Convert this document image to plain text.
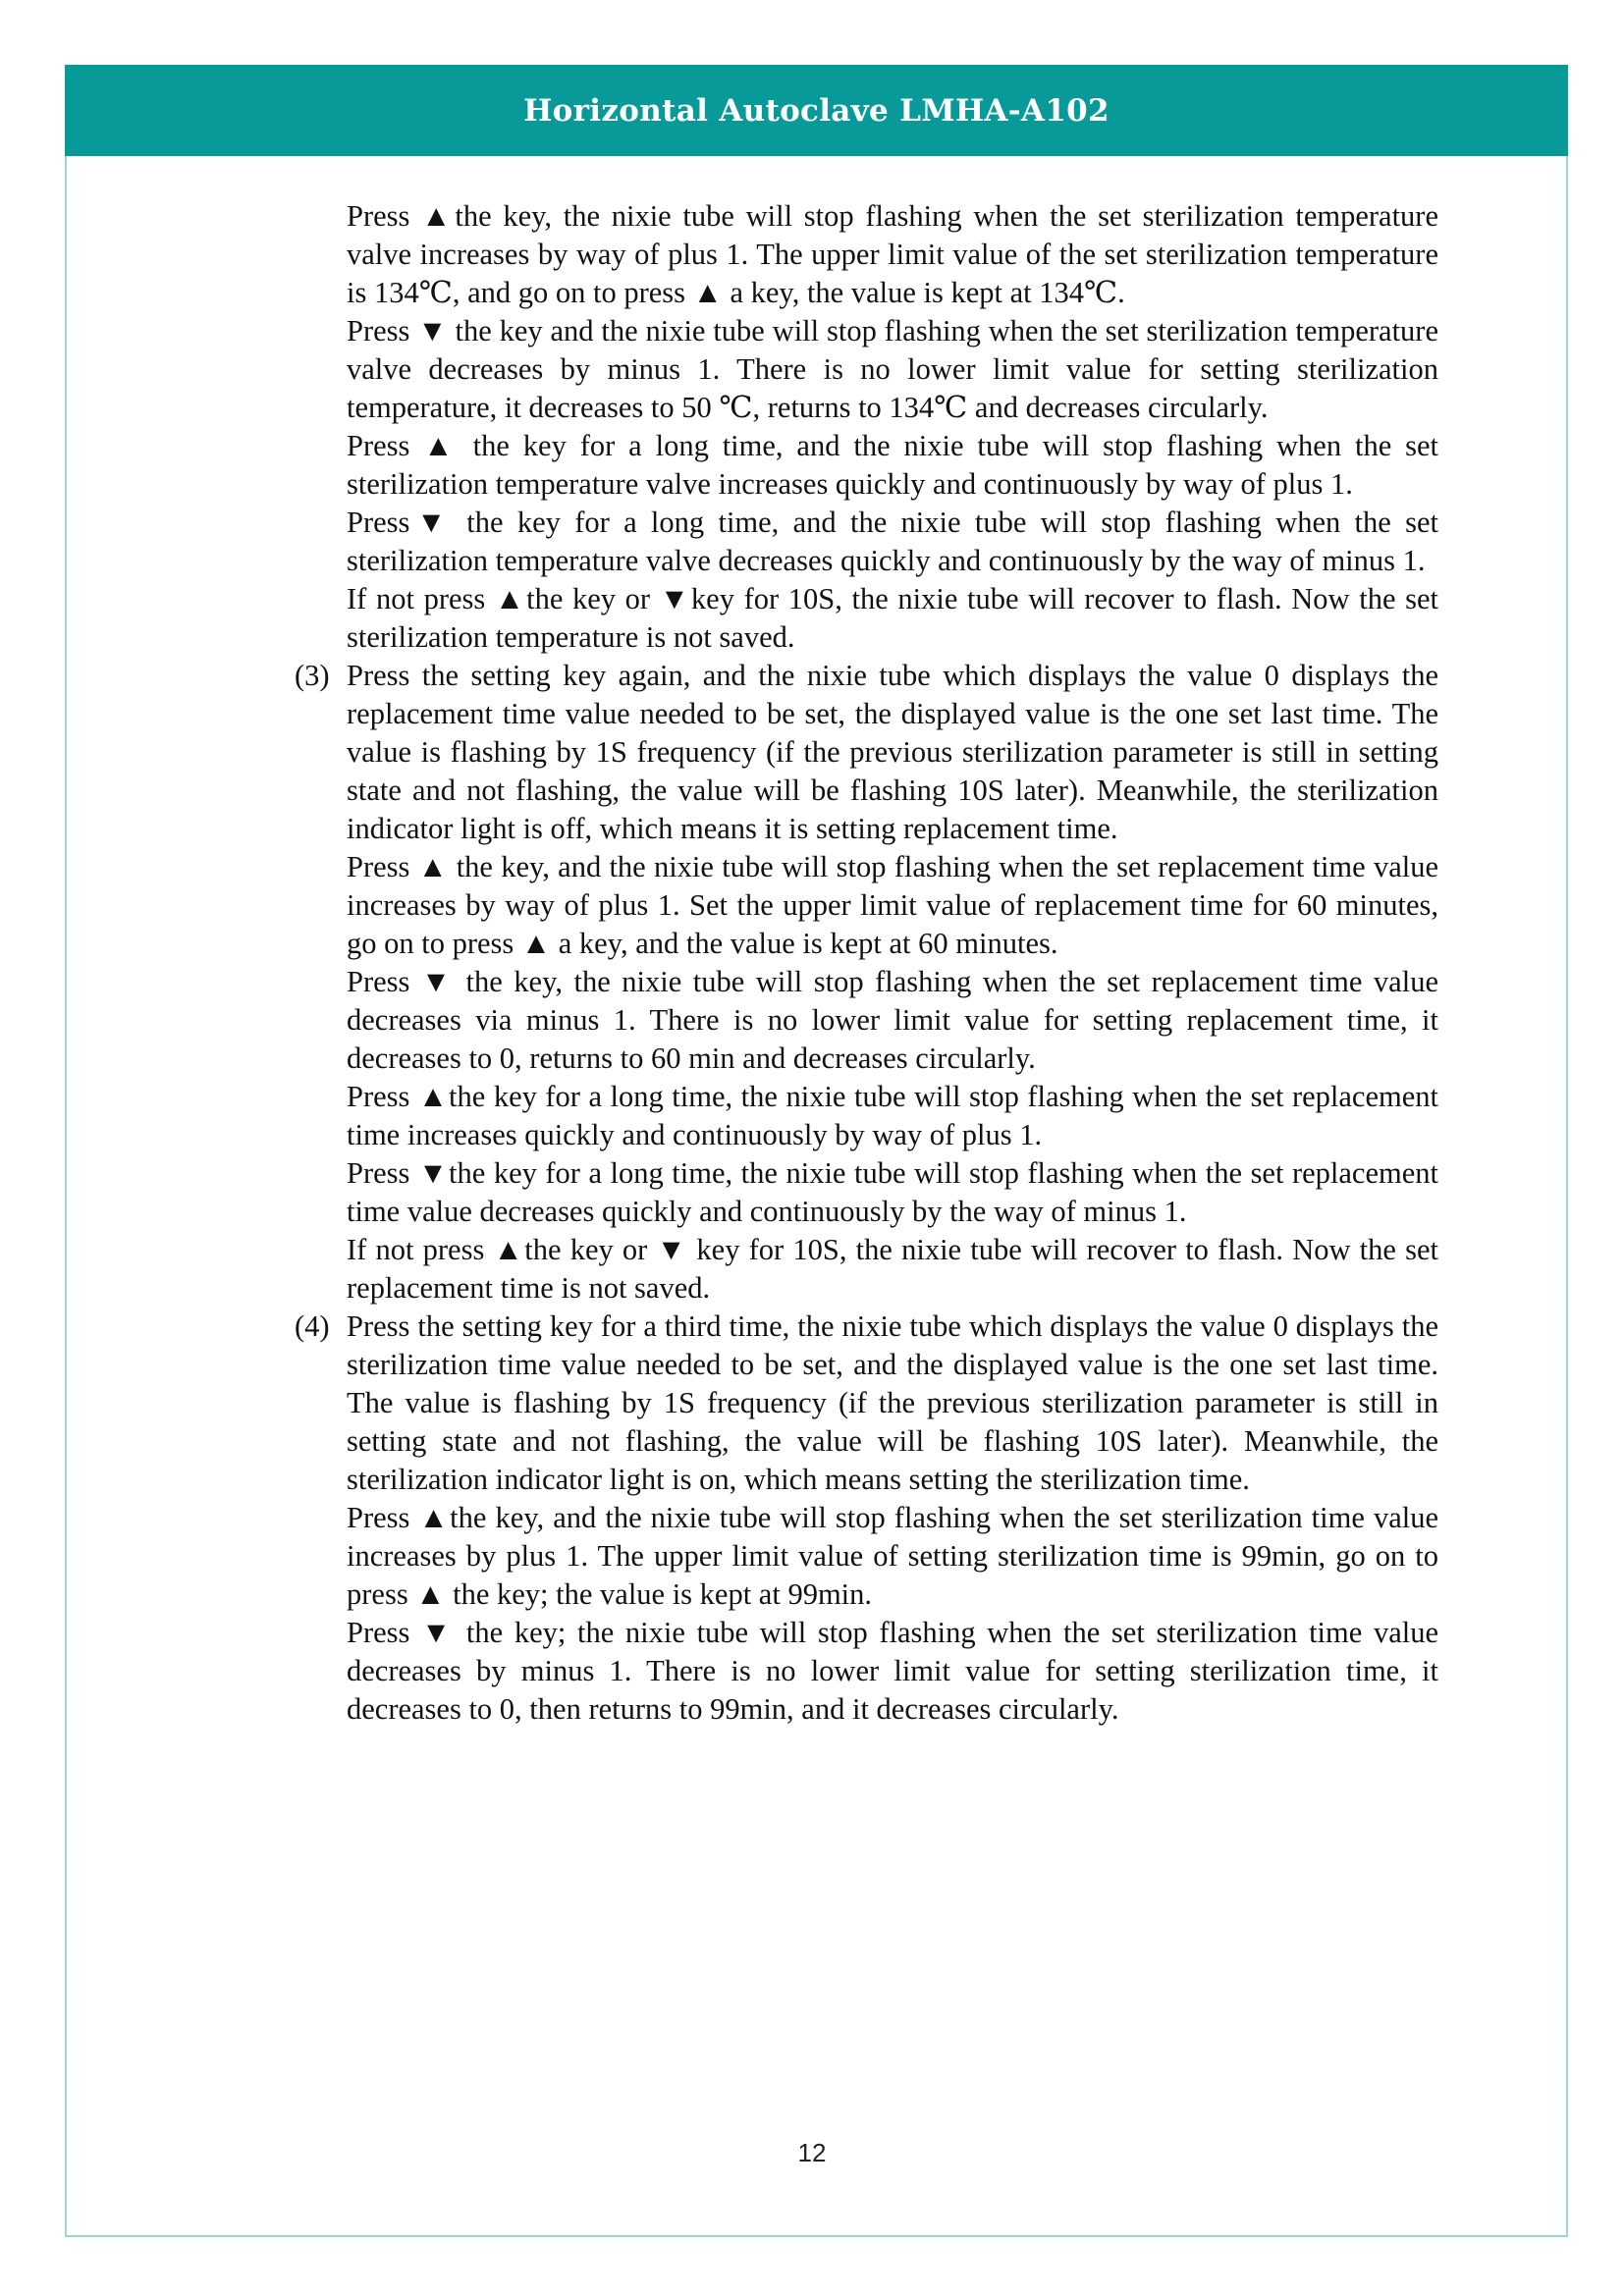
Horizontal Autoclave LMHA-A102

Press ▲the key, the nixie tube will stop flashing when the set sterilization temperature valve increases by way of plus 1. The upper limit value of the set sterilization temperature is 134℃, and go on to press ▲ a key, the value is kept at 134℃.

Press ▼ the key and the nixie tube will stop flashing when the set sterilization temperature valve decreases by minus 1. There is no lower limit value for setting sterilization temperature, it decreases to 50 ℃, returns to 134℃ and decreases circularly.

Press ▲ the key for a long time, and the nixie tube will stop flashing when the set sterilization temperature valve increases quickly and continuously by way of plus 1.

Press▼ the key for a long time, and the nixie tube will stop flashing when the set sterilization temperature valve decreases quickly and continuously by the way of minus 1.

If not press ▲the key or ▼key for 10S, the nixie tube will recover to flash. Now the set sterilization temperature is not saved.

(3) Press the setting key again, and the nixie tube which displays the value 0 displays the replacement time value needed to be set, the displayed value is the one set last time. The value is flashing by 1S frequency (if the previous sterilization parameter is still in setting state and not flashing, the value will be flashing 10S later). Meanwhile, the sterilization indicator light is off, which means it is setting replacement time.

Press ▲ the key, and the nixie tube will stop flashing when the set replacement time value increases by way of plus 1. Set the upper limit value of replacement time for 60 minutes, go on to press ▲ a key, and the value is kept at 60 minutes.

Press ▼ the key, the nixie tube will stop flashing when the set replacement time value decreases via minus 1. There is no lower limit value for setting replacement time, it decreases to 0, returns to 60 min and decreases circularly.

Press ▲the key for a long time, the nixie tube will stop flashing when the set replacement time increases quickly and continuously by way of plus 1.

Press ▼the key for a long time, the nixie tube will stop flashing when the set replacement time value decreases quickly and continuously by the way of minus 1.

If not press ▲the key or ▼ key for 10S, the nixie tube will recover to flash. Now the set replacement time is not saved.

(4) Press the setting key for a third time, the nixie tube which displays the value 0 displays the sterilization time value needed to be set, and the displayed value is the one set last time. The value is flashing by 1S frequency (if the previous sterilization parameter is still in setting state and not flashing, the value will be flashing 10S later). Meanwhile, the sterilization indicator light is on, which means setting the sterilization time.

Press ▲the key, and the nixie tube will stop flashing when the set sterilization time value increases by plus 1. The upper limit value of setting sterilization time is 99min, go on to press ▲ the key; the value is kept at 99min.

Press ▼ the key; the nixie tube will stop flashing when the set sterilization time value decreases by minus 1. There is no lower limit value for setting sterilization time, it decreases to 0, then returns to 99min, and it decreases circularly.

12
